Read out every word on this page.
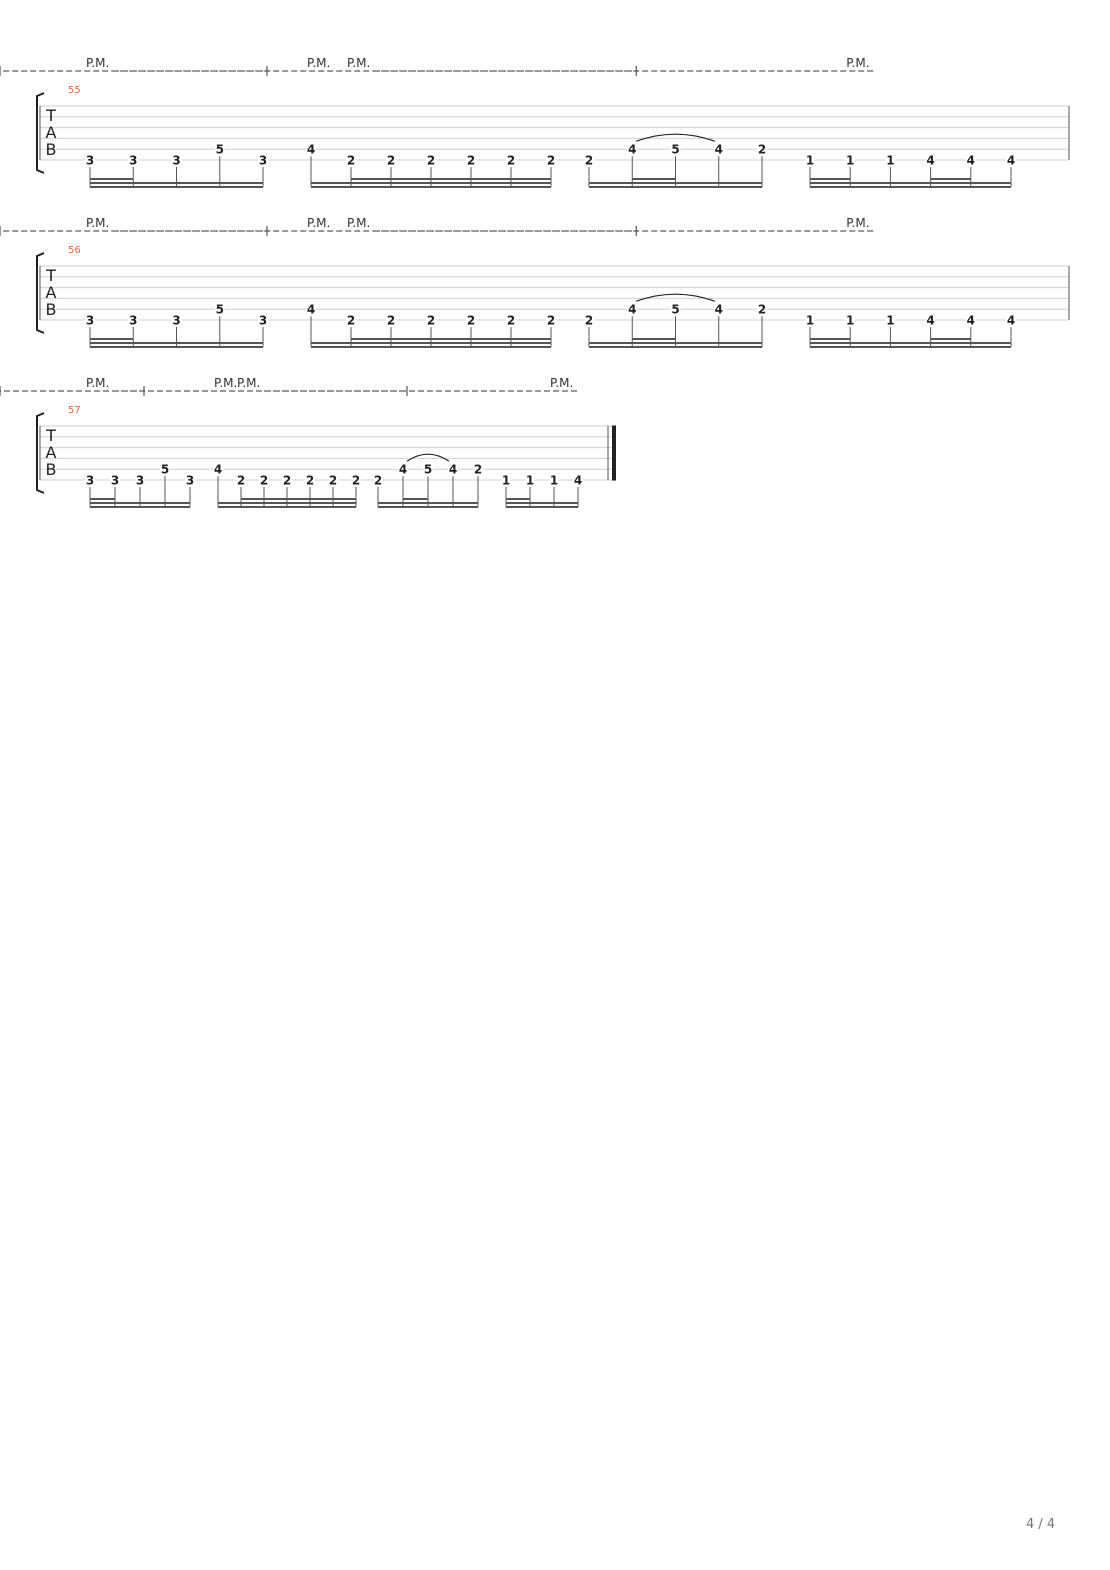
T
A
B
55
P.M.	P.M. P.M.	P.M.
3	3	3
5
3
4
2	2	2	2	2	2 2
4	5	4	2
1	1	1	4	4	4
T
A
B
56
P.M.	P.M. P.M.	P.M.
3	3	3
5
3
4
2	2	2	2	2	2 2
4	5	4	2
1	1	1	4	4	4
T
A
B
57
P.M.	P.M. P.M.	P.M.
3 3 3
5
3
4
2 2 2 2 2 2 2
4 5 4 2
1 1 1 4
4 / 4
